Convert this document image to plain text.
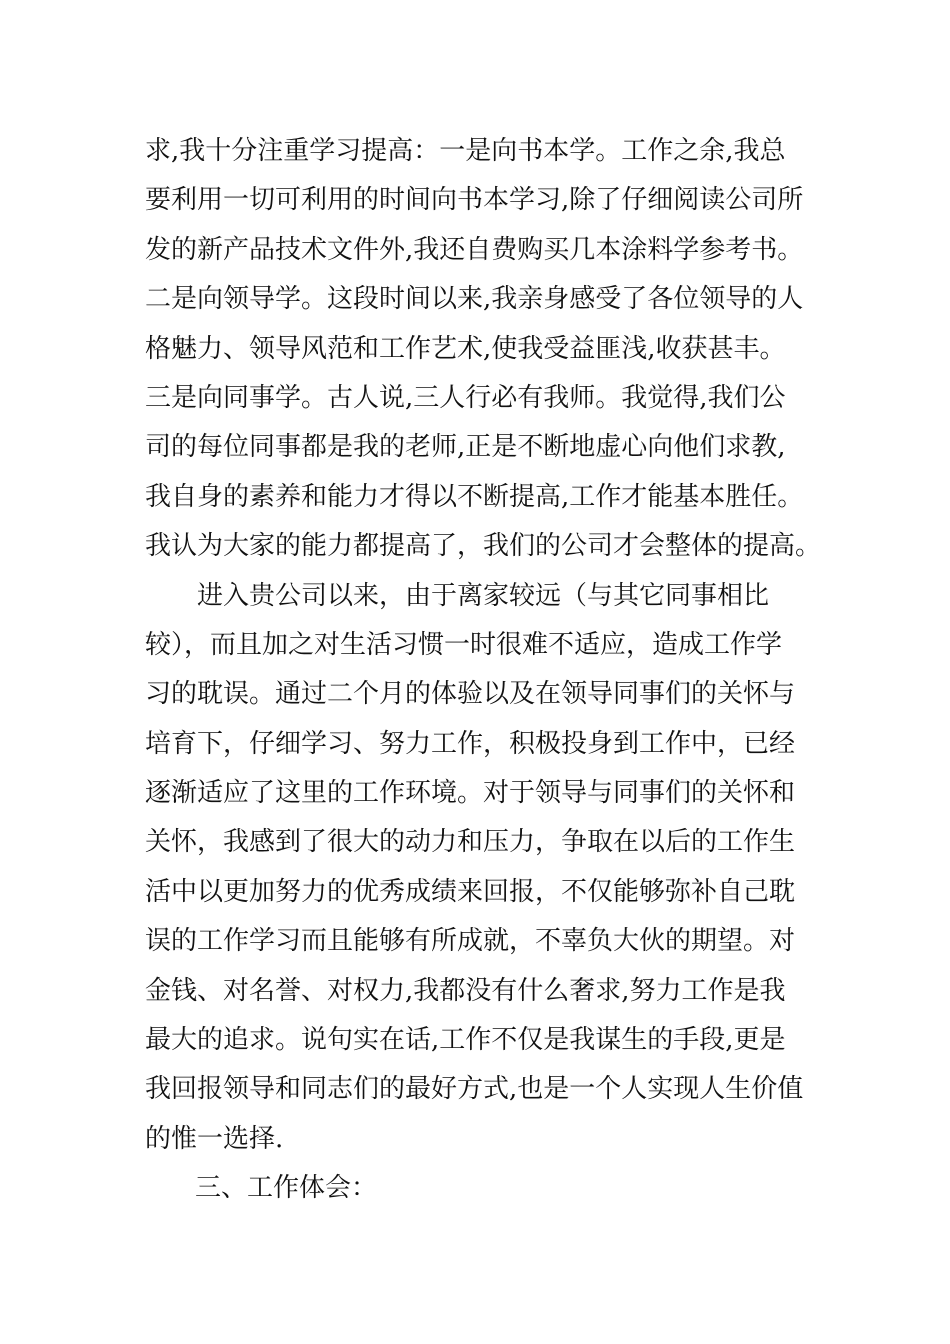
求,我十分注重学习提高：一是向书本学。工作之余,我总
要利用一切可利用的时间向书本学习,除了仔细阅读公司所
发的新产品技术文件外,我还自费购买几本涂料学参考书。
二是向领导学。这段时间以来,我亲身感受了各位领导的人
格魅力、领导风范和工作艺术,使我受益匪浅,收获甚丰。
三是向同事学。古人说,三人行必有我师。我觉得,我们公
司的每位同事都是我的老师,正是不断地虚心向他们求教,
我自身的素养和能力才得以不断提高,工作才能基本胜任。
我认为大家的能力都提高了，我们的公司才会整体的提高。
进入贵公司以来，由于离家较远（与其它同事相比
较），而且加之对生活习惯一时很难不适应，造成工作学
习的耽误。通过二个月的体验以及在领导同事们的关怀与
培育下，仔细学习、努力工作，积极投身到工作中，已经
逐渐适应了这里的工作环境。对于领导与同事们的关怀和
关怀，我感到了很大的动力和压力，争取在以后的工作生
活中以更加努力的优秀成绩来回报，不仅能够弥补自己耽
误的工作学习而且能够有所成就，不辜负大伙的期望。对
金钱、对名誉、对权力,我都没有什么奢求,努力工作是我
最大的追求。说句实在话,工作不仅是我谋生的手段,更是
我回报领导和同志们的最好方式,也是一个人实现人生价值
的惟一选择.
三、工作体会：
